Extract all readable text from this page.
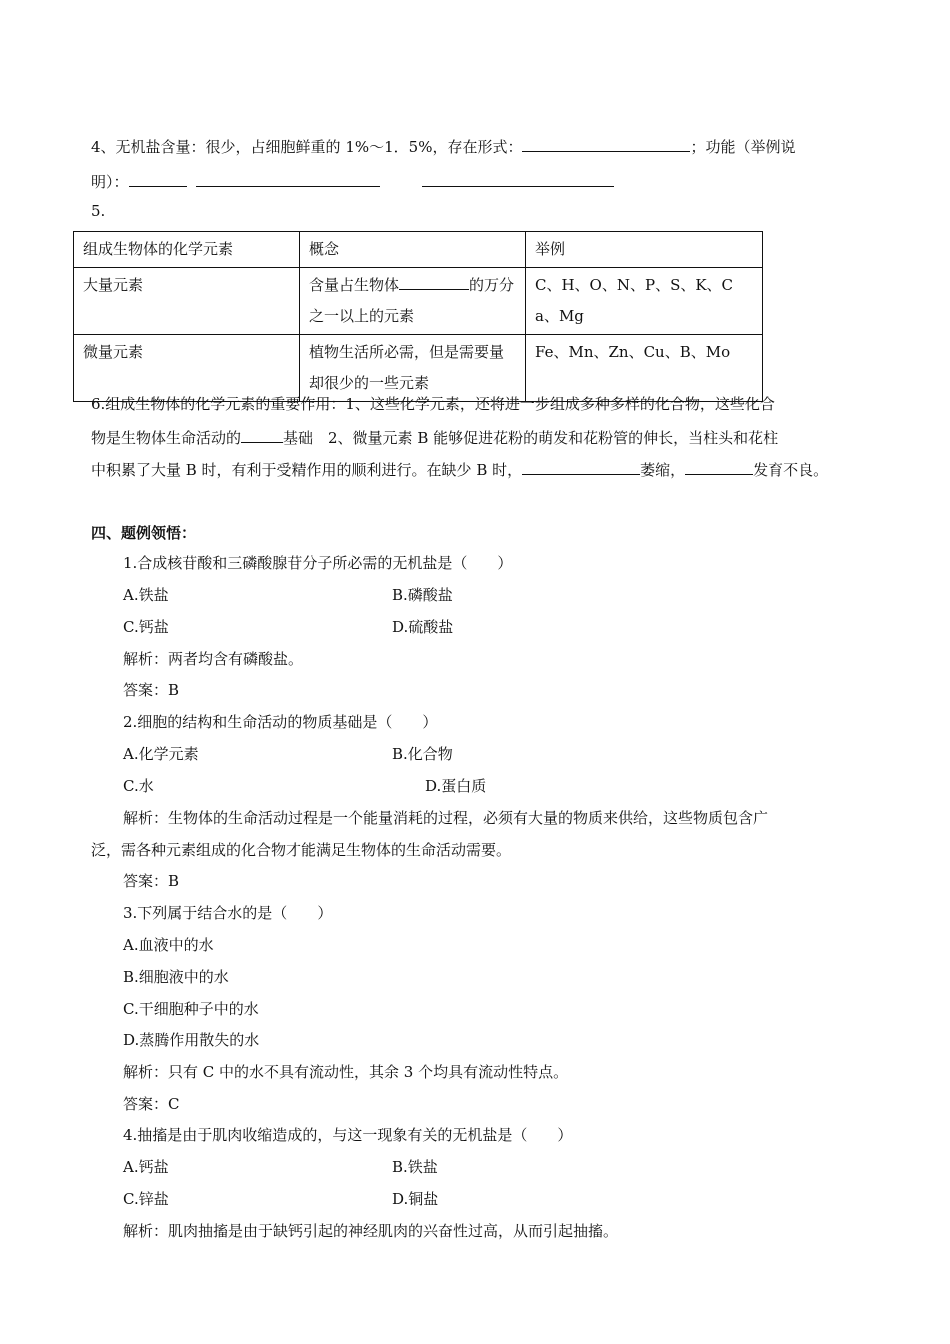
4、无机盐含量：很少，占细胞鲜重的 1%～1．5%，存在形式：	；功能（举例说
明）：
5.
组成生物体的化学元素	概念	举例
大量元素	含量占生物体 的万分之一以上的元素	C、H、O、N、P、S、K、Ca、Mg
微量元素	植物生活所必需，但是需要量却很少的一些元素	Fe、Mn、Zn、Cu、B、Mo
6.组成生物体的化学元素的重要作用：1、这些化学元素，还将进一步组成多种多样的化合物，这些化合
物是生物体生命活动的	基础　2、微量元素 B 能够促进花粉的萌发和花粉管的伸长，当柱头和花柱
中积累了大量 B 时，有利于受精作用的顺利进行。在缺少 B 时，	萎缩，	发育不良。
四、题例领悟：
1.合成核苷酸和三磷酸腺苷分子所必需的无机盐是（　　）
A.铁盐	B.磷酸盐
C.钙盐	D.硫酸盐
解析：两者均含有磷酸盐。
答案：B
2.细胞的结构和生命活动的物质基础是（　　）
A.化学元素	B.化合物
C.水	D.蛋白质
解析：生物体的生命活动过程是一个能量消耗的过程，必须有大量的物质来供给，这些物质包含广
泛，需各种元素组成的化合物才能满足生物体的生命活动需要。
答案：B
3.下列属于结合水的是（　　）
A.血液中的水
B.细胞液中的水
C.干细胞种子中的水
D.蒸腾作用散失的水
解析：只有 C 中的水不具有流动性，其余 3 个均具有流动性特点。
答案：C
4.抽搐是由于肌肉收缩造成的，与这一现象有关的无机盐是（　　）
A.钙盐	B.铁盐
C.锌盐	D.铜盐
解析：肌肉抽搐是由于缺钙引起的神经肌肉的兴奋性过高，从而引起抽搐。
